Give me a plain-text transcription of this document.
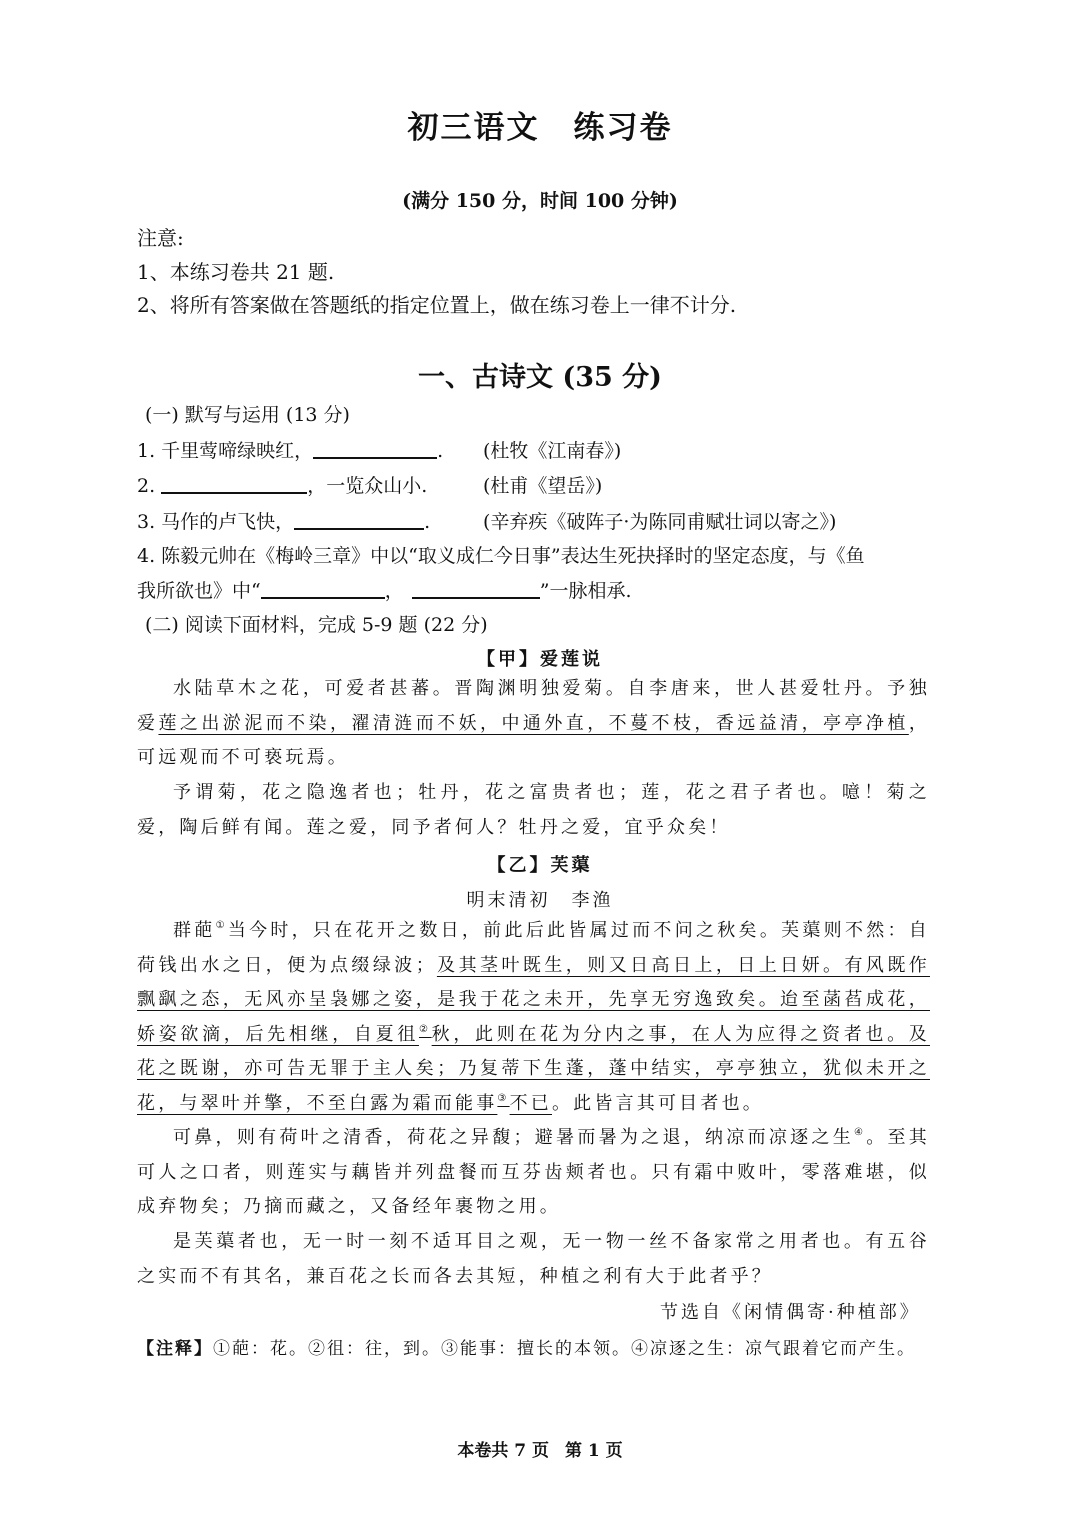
初三语文 练习卷
(满分 150 分，时间 100 分钟)
注意:
1、本练习卷共 21 题.
2、将所有答案做在答题纸的指定位置上，做在练习卷上一律不计分.
一、古诗文 (35 分)
(一) 默写与运用 (13 分)
1. 千里莺啼绿映红，	. (杜牧《江南春》)
2.	，一览众山小.	(杜甫《望岳》)
3. 马作的卢飞快，	.	(辛弃疾《破阵子·为陈同甫赋壮词以寄之》)
4. 陈毅元帅在《梅岭三章》中以“取义成仁今日事”表达生死抉择时的坚定态度，与《鱼
我所欲也》中“	，	”一脉相承.
(二) 阅读下面材料，完成 5-9 题 (22 分)
【甲】爱莲说

水陆草木之花，可爱者甚蕃。晋陶渊明独爱菊。自李唐来，世人甚爱牡丹。予独爱莲之出淤泥而不染，濯清涟而不妖，中通外直，不蔓不枝，香远益清，亭亭净植，可远观而不可亵玩焉。

予谓菊，花之隐逸者也；牡丹，花之富贵者也；莲，花之君子者也。噫！菊之爱，陶后鲜有闻。莲之爱，同予者何人？牡丹之爱，宜乎众矣！

【乙】芙蕖
明末清初　李渔

群葩①当今时，只在花开之数日，前此后此皆属过而不问之秋矣。芙蕖则不然：自荷钱出水之日，便为点缀绿波；及其茎叶既生，则又日高日上，日上日妍。有风既作飘飖之态，无风亦呈袅娜之姿，是我于花之未开，先享无穷逸致矣。迨至菡萏成花，娇姿欲滴，后先相继，自夏徂②秋，此则在花为分内之事，在人为应得之资者也。及花之既谢，亦可告无罪于主人矣；乃复蒂下生蓬，蓬中结实，亭亭独立，犹似未开之花，与翠叶并擎，不至白露为霜而能事③不已。此皆言其可目者也。

可鼻，则有荷叶之清香，荷花之异馥；避暑而暑为之退，纳凉而凉逐之生④。至其可人之口者，则莲实与藕皆并列盘餐而互芬齿颊者也。只有霜中败叶，零落难堪，似成弃物矣；乃摘而藏之，又备经年裹物之用。

是芙蕖者也，无一时一刻不适耳目之观，无一物一丝不备家常之用者也。有五谷之实而不有其名，兼百花之长而各去其短，种植之利有大于此者乎？

节选自《闲情偶寄·种植部》
【注释】①葩：花。②徂：往，到。③能事：擅长的本领。④凉逐之生：凉气跟着它而产生。
本卷共 7 页 第 1 页
